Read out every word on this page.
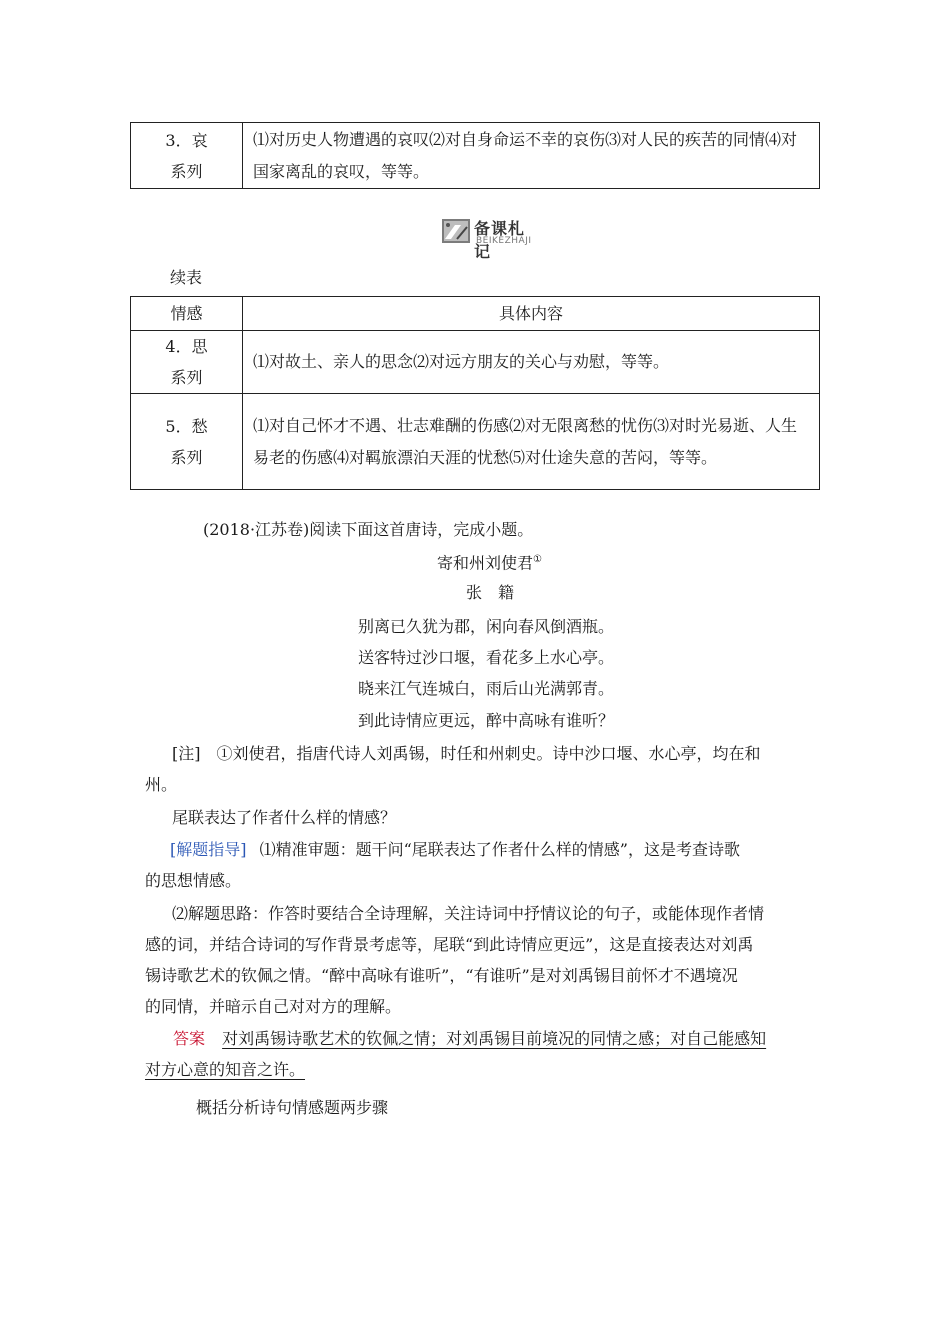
3．哀
系列
	⑴对历史人物遭遇的哀叹⑵对自身命运不幸的哀伤⑶对人民的疾苦的同情⑷对国家离乱的哀叹，等等。
备课札记
BEIKEZHAJI
续表
情感	具体内容

4．思
系列	⑴对故土、亲人的思念⑵对远方朋友的关心与劝慰，等等。

5．愁
系列	⑴对自己怀才不遇、壮志难酬的伤感⑵对无限离愁的忧伤⑶对时光易逝、人生易老的伤感⑷对羁旅漂泊天涯的忧愁⑸对仕途失意的苦闷，等等。
(2018·江苏卷)阅读下面这首唐诗，完成小题。
寄和州刘使君①
张　籍
别离已久犹为郡，闲向春风倒酒瓶。
送客特过沙口堰，看花多上水心亭。
晓来江气连城白，雨后山光满郭青。
到此诗情应更远，醉中高咏有谁听？
[注]　①刘使君，指唐代诗人刘禹锡，时任和州刺史。诗中沙口堰、水心亭，均在和
州。
尾联表达了作者什么样的情感？
[解题指导] ⑴精准审题：题干问“尾联表达了作者什么样的情感”，这是考查诗歌
的思想情感。
⑵解题思路：作答时要结合全诗理解，关注诗词中抒情议论的句子，或能体现作者情
感的词，并结合诗词的写作背景考虑等，尾联“到此诗情应更远”，这是直接表达对刘禹
锡诗歌艺术的钦佩之情。“醉中高咏有谁听”，“有谁听”是对刘禹锡目前怀才不遇境况
的同情，并暗示自己对对方的理解。
答案 对刘禹锡诗歌艺术的钦佩之情；对刘禹锡目前境况的同情之感；对自己能感知
对方心意的知音之许。
概括分析诗句情感题两步骤
